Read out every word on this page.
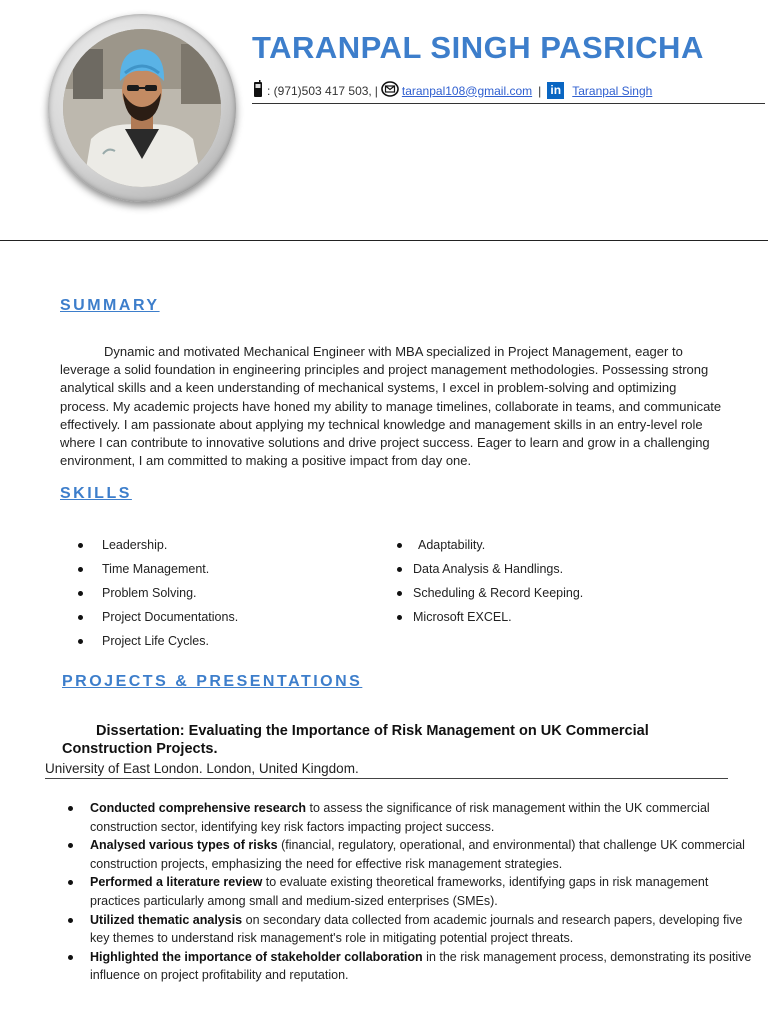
TARANPAL SINGH PASRICHA
: (971)503 417 503, | taranpal108@gmail.com | in Taranpal Singh
SUMMARY
Dynamic and motivated Mechanical Engineer with MBA specialized in Project Management, eager to leverage a solid foundation in engineering principles and project management methodologies. Possessing strong analytical skills and a keen understanding of mechanical systems, I excel in problem-solving and optimizing process. My academic projects have honed my ability to manage timelines, collaborate in teams, and communicate effectively. I am passionate about applying my technical knowledge and management skills in an entry-level role where I can contribute to innovative solutions and drive project success. Eager to learn and grow in a challenging environment, I am committed to making a positive impact from day one.
SKILLS
Leadership.
Time Management.
Problem Solving.
Project Documentations.
Project Life Cycles.
Adaptability.
Data Analysis & Handlings.
Scheduling & Record Keeping.
Microsoft EXCEL.
PROJECTS & PRESENTATIONS
Dissertation: Evaluating the Importance of Risk Management on UK Commercial Construction Projects.
University of East London. London, United Kingdom.
Conducted comprehensive research to assess the significance of risk management within the UK commercial construction sector, identifying key risk factors impacting project success.
Analysed various types of risks (financial, regulatory, operational, and environmental) that challenge UK commercial construction projects, emphasizing the need for effective risk management strategies.
Performed a literature review to evaluate existing theoretical frameworks, identifying gaps in risk management practices particularly among small and medium-sized enterprises (SMEs).
Utilized thematic analysis on secondary data collected from academic journals and research papers, developing five key themes to understand risk management's role in mitigating potential project threats.
Highlighted the importance of stakeholder collaboration in the risk management process, demonstrating its positive influence on project profitability and reputation.
